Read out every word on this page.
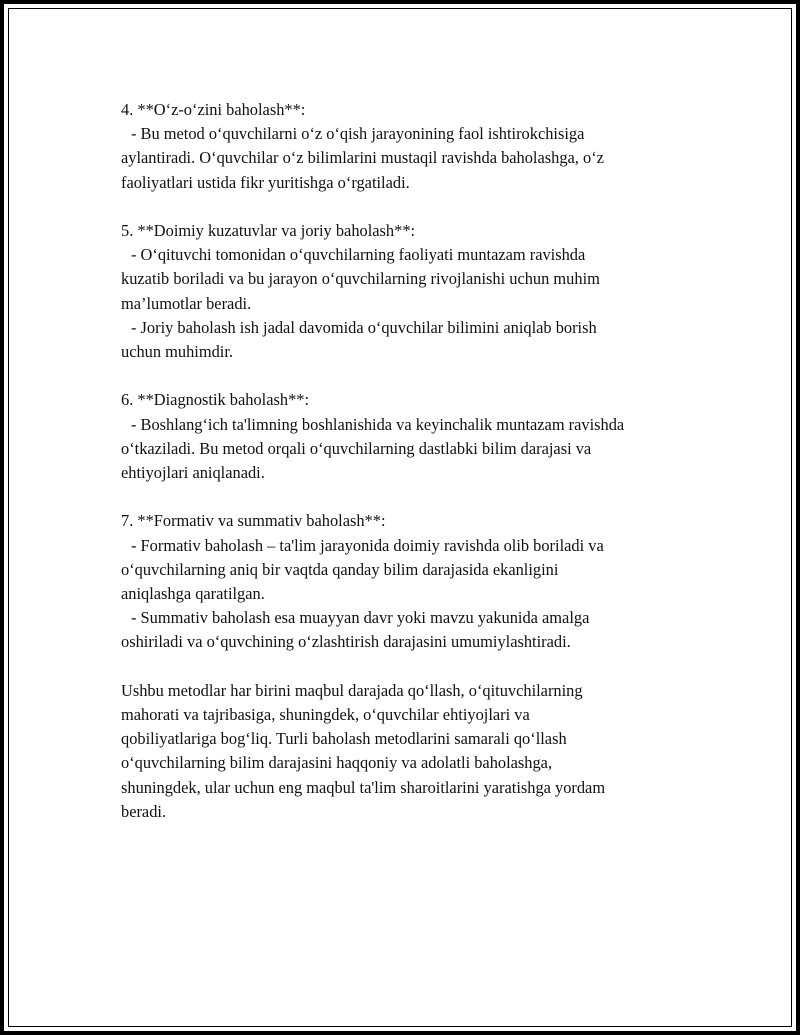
4. **O‘z-o‘zini baholash**:
- Bu metod o‘quvchilarni o‘z o‘qish jarayonining faol ishtirokchisiga
aylantiradi. O‘quvchilar o‘z bilimlarini mustaqil ravishda baholashga, o‘z
faoliyatlari ustida fikr yuritishga o‘rgatiladi.
5. **Doimiy kuzatuvlar va joriy baholash**:
- O‘qituvchi tomonidan o‘quvchilarning faoliyati muntazam ravishda
kuzatib boriladi va bu jarayon o‘quvchilarning rivojlanishi uchun muhim
ma’lumotlar beradi.
- Joriy baholash ish jadal davomida o‘quvchilar bilimini aniqlab borish
uchun muhimdir.
6. **Diagnostik baholash**:
- Boshlang‘ich ta'limning boshlanishida va keyinchalik muntazam ravishda
o‘tkaziladi. Bu metod orqali o‘quvchilarning dastlabki bilim darajasi va
ehtiyojlari aniqlanadi.
7. **Formativ va summativ baholash**:
- Formativ baholash – ta'lim jarayonida doimiy ravishda olib boriladi va
o‘quvchilarning aniq bir vaqtda qanday bilim darajasida ekanligini
aniqlashga qaratilgan.
- Summativ baholash esa muayyan davr yoki mavzu yakunida amalga
oshiriladi va o‘quvchining o‘zlashtirish darajasini umumiylashtiradi.
Ushbu metodlar har birini maqbul darajada qo‘llash, o‘qituvchilarning
mahorati va tajribasiga, shuningdek, o‘quvchilar ehtiyojlari va
qobiliyatlariga bog‘liq. Turli baholash metodlarini samarali qo‘llash
o‘quvchilarning bilim darajasini haqqoniy va adolatli baholashga,
shuningdek, ular uchun eng maqbul ta'lim sharoitlarini yaratishga yordam
beradi.
